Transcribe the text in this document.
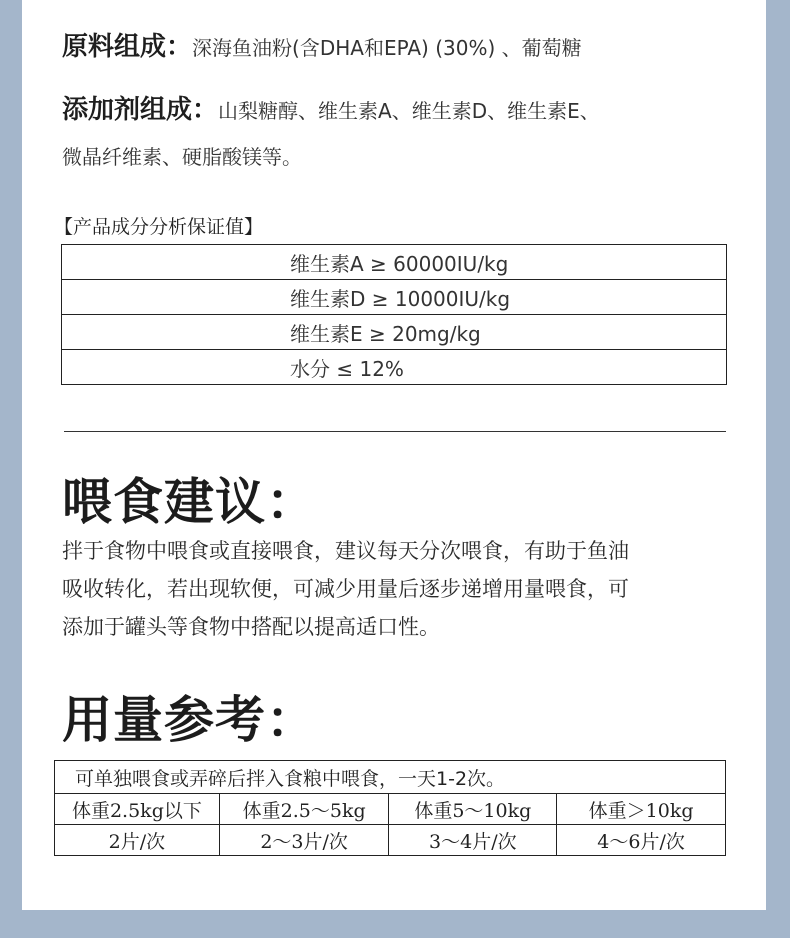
原料组成：深海鱼油粉(含DHA和EPA) (30%) 、葡萄糖
添加剂组成：山梨糖醇、维生素A、维生素D、维生素E、
微晶纤维素、硬脂酸镁等。
【产品成分分析保证值】
维生素A ≥ 60000IU/kg
维生素D ≥ 10000IU/kg
维生素E ≥ 20mg/kg
水分 ≤ 12%
喂食建议：
拌于食物中喂食或直接喂食，建议每天分次喂食，有助于鱼油
吸收转化，若出现软便，可减少用量后逐步递增用量喂食，可
添加于罐头等食物中搭配以提高适口性。
用量参考：
可单独喂食或弄碎后拌入食粮中喂食，一天1-2次。			
体重2.5kg以下	体重2.5～5kg	体重5～10kg	体重＞10kg
2片/次	2～3片/次	3～4片/次	4～6片/次
